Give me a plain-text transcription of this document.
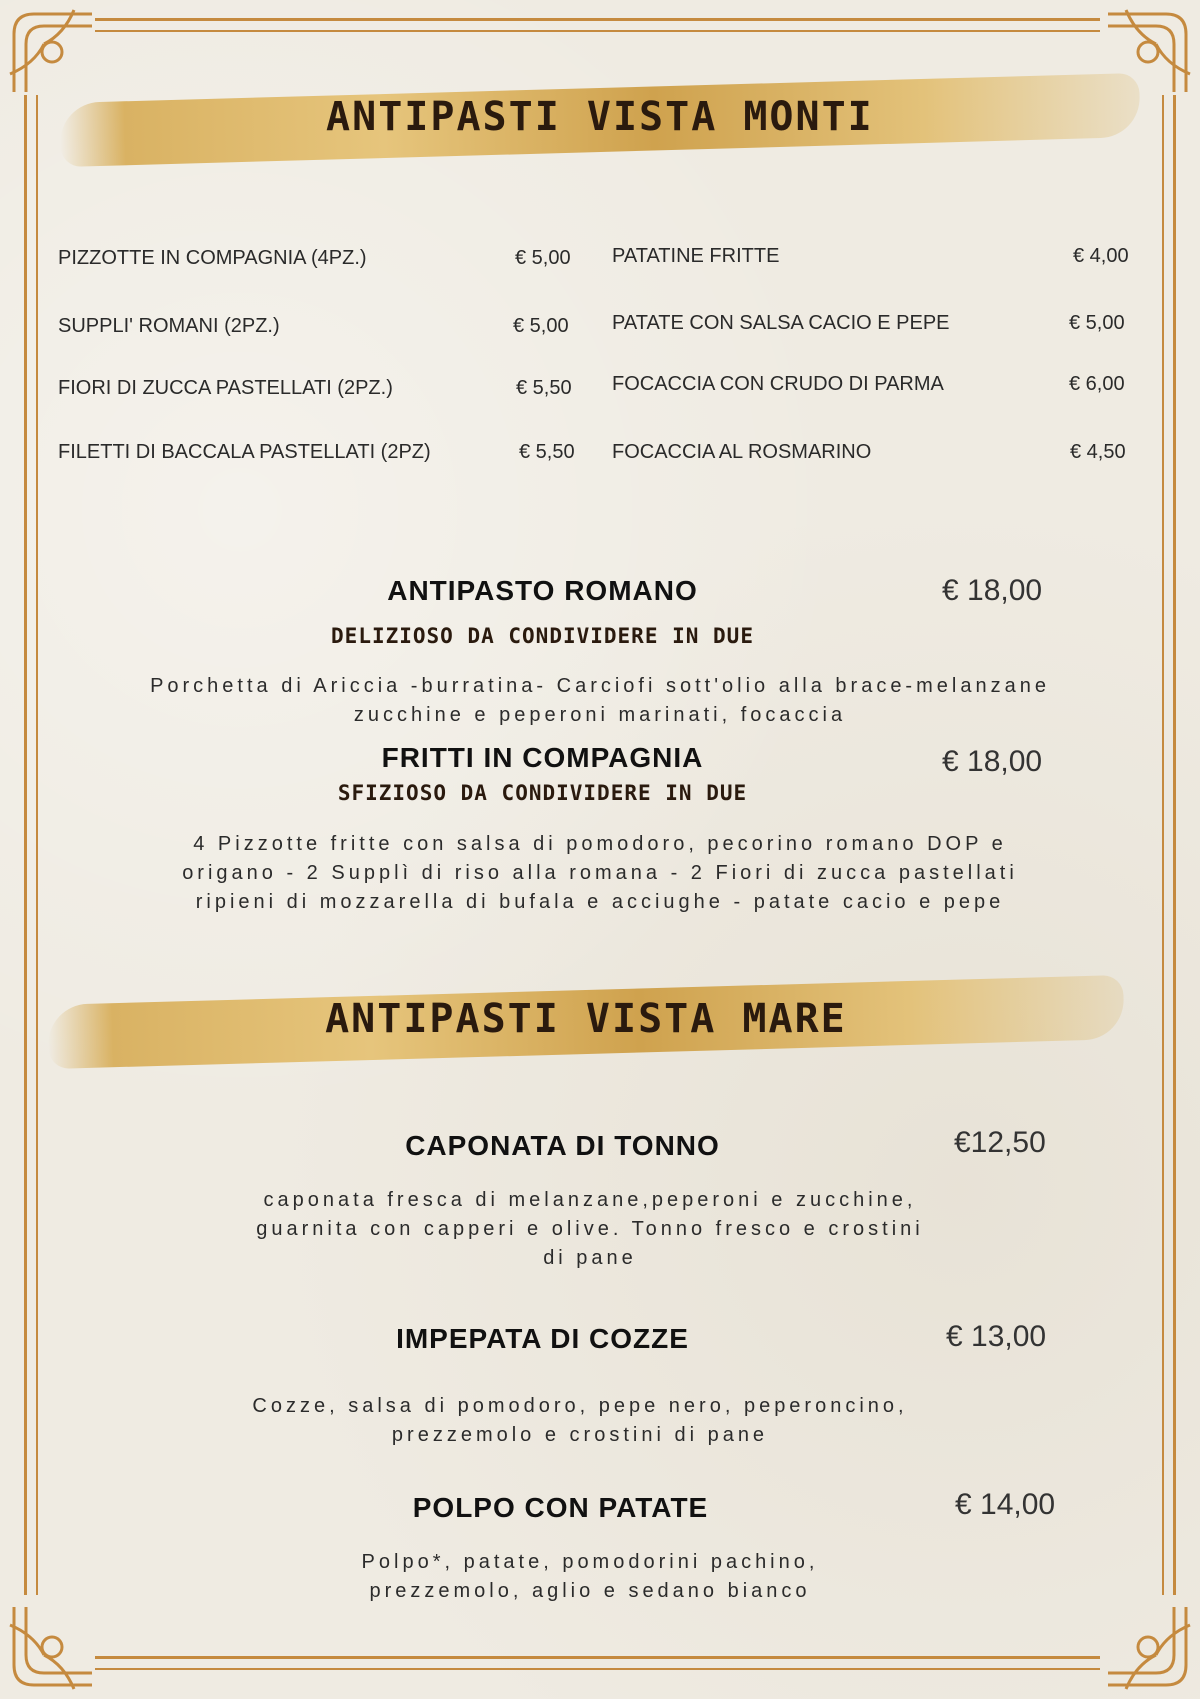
ANTIPASTI VISTA MONTI
PIZZOTTE IN COMPAGNIA (4PZ.)	€ 5,00
SUPPLI' ROMANI (2PZ.)	€ 5,00
FIORI DI ZUCCA PASTELLATI (2PZ.)	€ 5,50
FILETTI DI BACCALA PASTELLATI (2PZ)	€ 5,50
PATATINE FRITTE	€ 4,00
PATATE CON SALSA CACIO E PEPE	€ 5,00
FOCACCIA CON CRUDO DI PARMA	€ 6,00
FOCACCIA AL ROSMARINO	€ 4,50
ANTIPASTO ROMANO	€ 18,00
DELIZIOSO DA CONDIVIDERE IN DUE
Porchetta di Ariccia -burratina- Carciofi sott'olio alla brace-melanzane
zucchine e peperoni marinati, focaccia
FRITTI IN COMPAGNIA	€ 18,00
SFIZIOSO DA CONDIVIDERE IN DUE
4 Pizzotte fritte con salsa di pomodoro, pecorino romano DOP e
origano - 2 Supplì di riso alla romana - 2 Fiori di zucca pastellati
ripieni di mozzarella di bufala e acciughe - patate cacio e pepe
ANTIPASTI VISTA MARE
CAPONATA DI TONNO	€12,50
caponata fresca di melanzane,peperoni e zucchine,
guarnita con capperi e olive. Tonno fresco e crostini
di pane
IMPEPATA DI COZZE	€ 13,00
Cozze, salsa di pomodoro, pepe nero, peperoncino,
prezzemolo e crostini di pane
POLPO CON PATATE	€ 14,00
Polpo*, patate, pomodorini pachino,
prezzemolo, aglio e sedano bianco
